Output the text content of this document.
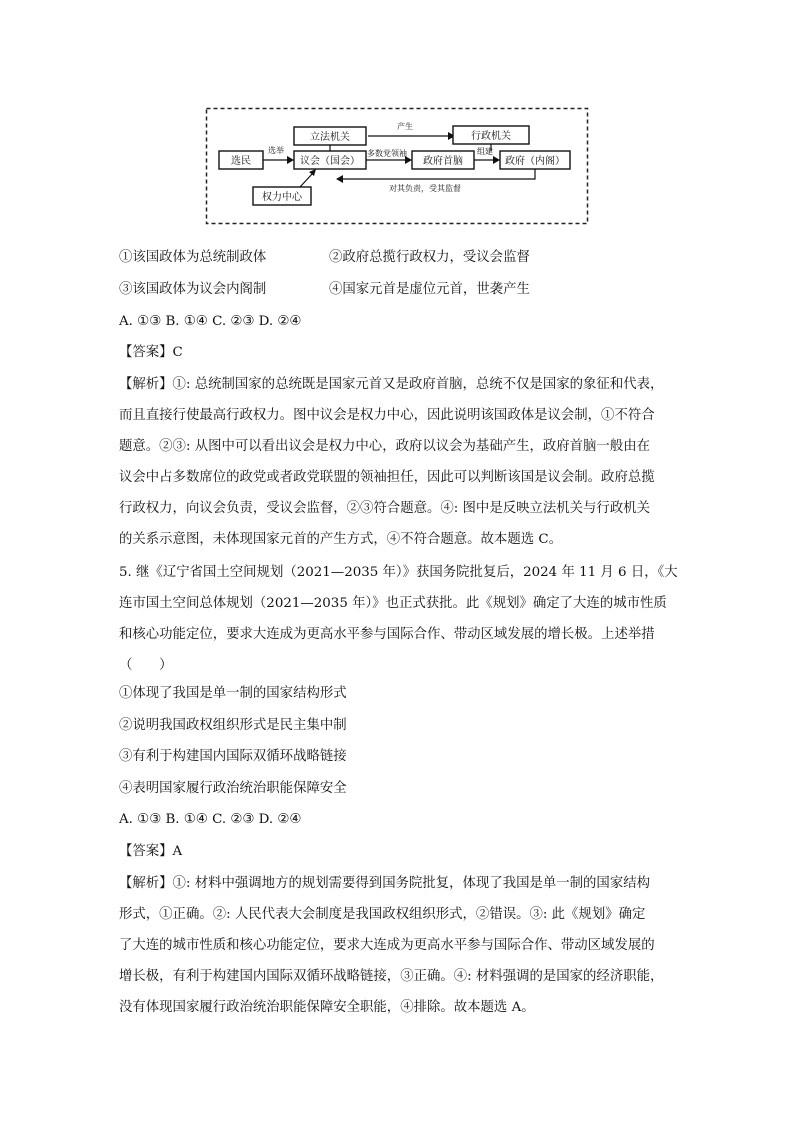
立法机关
产生
行政机关
选民
选举
议会（国会）
多数党领袖
政府首脑
组建
政府（内阁）
对其负责，受其监督
权力中心
①该国政体为总统制政体	②政府总揽行政权力，受议会监督
③该国政体为议会内阁制	④国家元首是虚位元首，世袭产生
A. ①③ B. ①④ C. ②③ D. ②④
【答案】C
【解析】①: 总统制国家的总统既是国家元首又是政府首脑，总统不仅是国家的象征和代表，
而且直接行使最高行政权力。图中议会是权力中心，因此说明该国政体是议会制，①不符合
题意。②③: 从图中可以看出议会是权力中心，政府以议会为基础产生，政府首脑一般由在
议会中占多数席位的政党或者政党联盟的领袖担任，因此可以判断该国是议会制。政府总揽
行政权力，向议会负责，受议会监督，②③符合题意。④: 图中是反映立法机关与行政机关
的关系示意图，未体现国家元首的产生方式，④不符合题意。故本题选 C。
5. 继《辽宁省国土空间规划（2021—2035 年）》获国务院批复后，2024 年 11 月 6 日，《大
连市国土空间总体规划（2021—2035 年）》也正式获批。此《规划》确定了大连的城市性质
和核心功能定位，要求大连成为更高水平参与国际合作、带动区域发展的增长极。上述举措
（　　）
①体现了我国是单一制的国家结构形式
②说明我国政权组织形式是民主集中制
③有利于构建国内国际双循环战略链接
④表明国家履行政治统治职能保障安全
A. ①③ B. ①④ C. ②③ D. ②④
【答案】A
【解析】①: 材料中强调地方的规划需要得到国务院批复，体现了我国是单一制的国家结构
形式，①正确。②: 人民代表大会制度是我国政权组织形式，②错误。③: 此《规划》确定
了大连的城市性质和核心功能定位，要求大连成为更高水平参与国际合作、带动区域发展的
增长极，有利于构建国内国际双循环战略链接，③正确。④: 材料强调的是国家的经济职能，
没有体现国家履行政治统治职能保障安全职能，④排除。故本题选 A。
